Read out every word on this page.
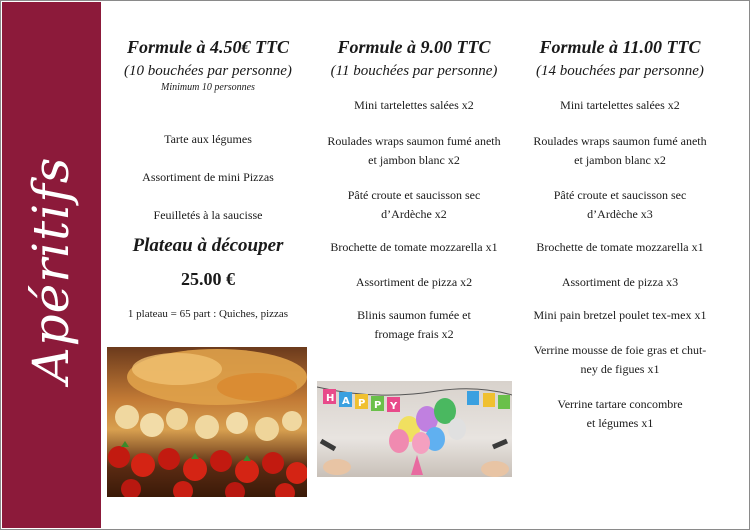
Apéritifs
Formule à 4.50€ TTC
(10 bouchées par personne)
Minimum 10 personnes
Tarte aux légumes
Assortiment de mini Pizzas
Feuilletés à la saucisse
Plateau à découper
25.00 €
1 plateau = 65 part : Quiches, pizzas
Formule à 9.00 TTC
(11 bouchées par personne)
Mini tartelettes salées x2
Roulades wraps saumon fumé aneth
et jambon blanc x2
Pâté croute et saucisson sec
d’Ardèche x2
Brochette de tomate mozzarella x1
Assortiment de pizza x2
Blinis saumon fumée et
fromage frais x2
Formule à 11.00 TTC
(14 bouchées par personne)
Mini tartelettes salées x2
Roulades wraps saumon fumé aneth
et jambon blanc x2
Pâté croute et saucisson sec
d’Ardèche x3
Brochette de tomate mozzarella x1
Assortiment de pizza x3
Mini pain bretzel poulet tex-mex x1
Verrine mousse de foie gras et chut-
ney de figues x1
Verrine tartare concombre
et légumes x1
H A P P Y
